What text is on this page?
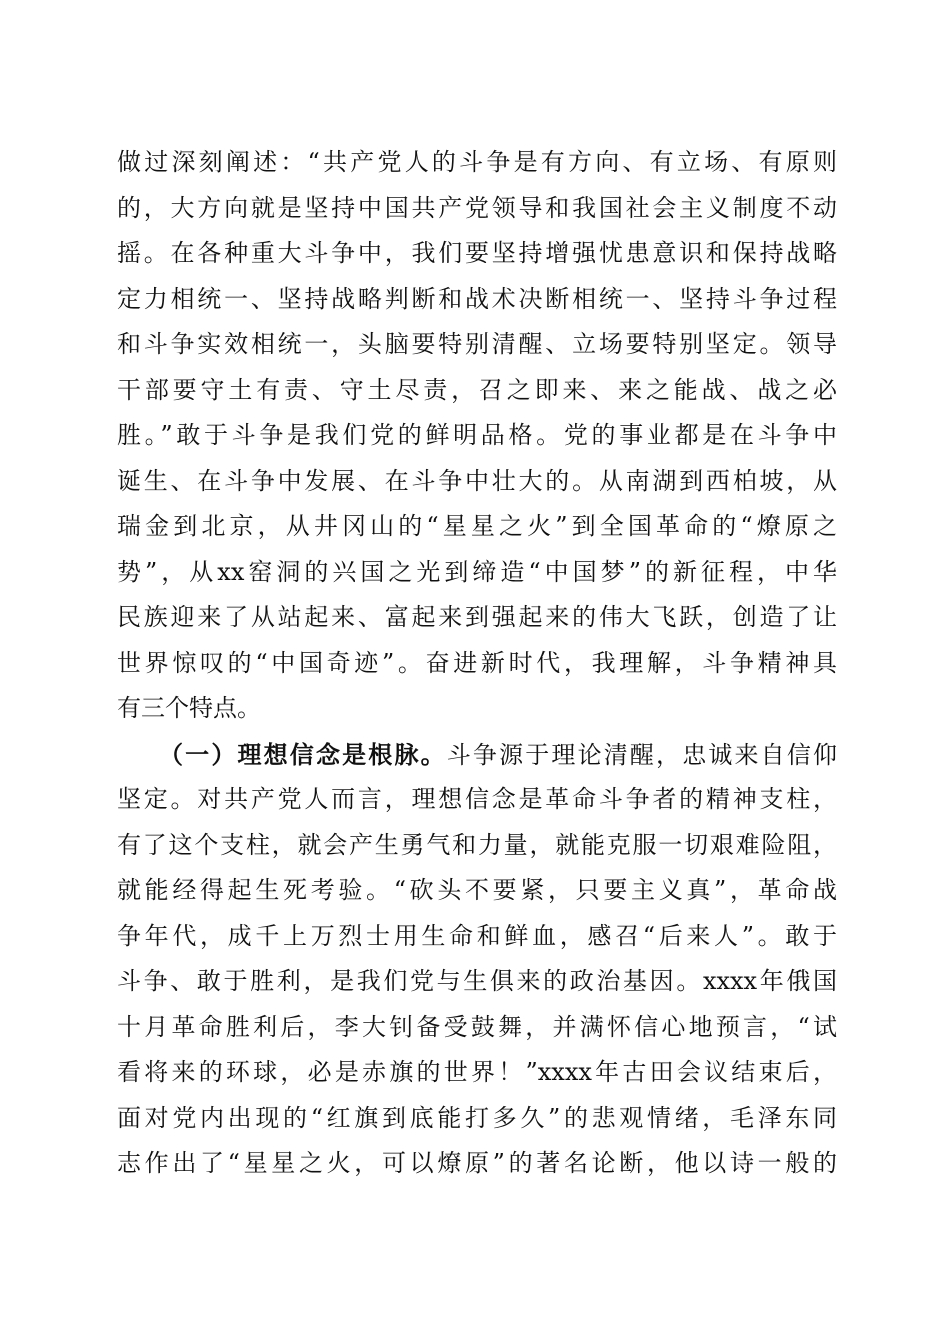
做过深刻阐述：“共产党人的斗争是有方向、有立场、有原则
的，大方向就是坚持中国共产党领导和我国社会主义制度不动
摇。在各种重大斗争中，我们要坚持增强忧患意识和保持战略
定力相统一、坚持战略判断和战术决断相统一、坚持斗争过程
和斗争实效相统一，头脑要特别清醒、立场要特别坚定。领导
干部要守土有责、守土尽责，召之即来、来之能战、战之必
胜。”敢于斗争是我们党的鲜明品格。党的事业都是在斗争中
诞生、在斗争中发展、在斗争中壮大的。从南湖到西柏坡，从
瑞金到北京，从井冈山的“星星之火”到全国革命的“燎原之
势”，从xx窑洞的兴国之光到缔造“中国梦”的新征程，中华
民族迎来了从站起来、富起来到强起来的伟大飞跃，创造了让
世界惊叹的“中国奇迹”。奋进新时代，我理解，斗争精神具
有三个特点。
（一）理想信念是根脉。斗争源于理论清醒，忠诚来自信仰
坚定。对共产党人而言，理想信念是革命斗争者的精神支柱，
有了这个支柱，就会产生勇气和力量，就能克服一切艰难险阻，
就能经得起生死考验。“砍头不要紧，只要主义真”，革命战
争年代，成千上万烈士用生命和鲜血，感召“后来人”。敢于
斗争、敢于胜利，是我们党与生俱来的政治基因。xxxx年俄国
十月革命胜利后，李大钊备受鼓舞，并满怀信心地预言，“试
看将来的环球，必是赤旗的世界！”xxxx年古田会议结束后，
面对党内出现的“红旗到底能打多久”的悲观情绪，毛泽东同
志作出了“星星之火，可以燎原”的著名论断，他以诗一般的
